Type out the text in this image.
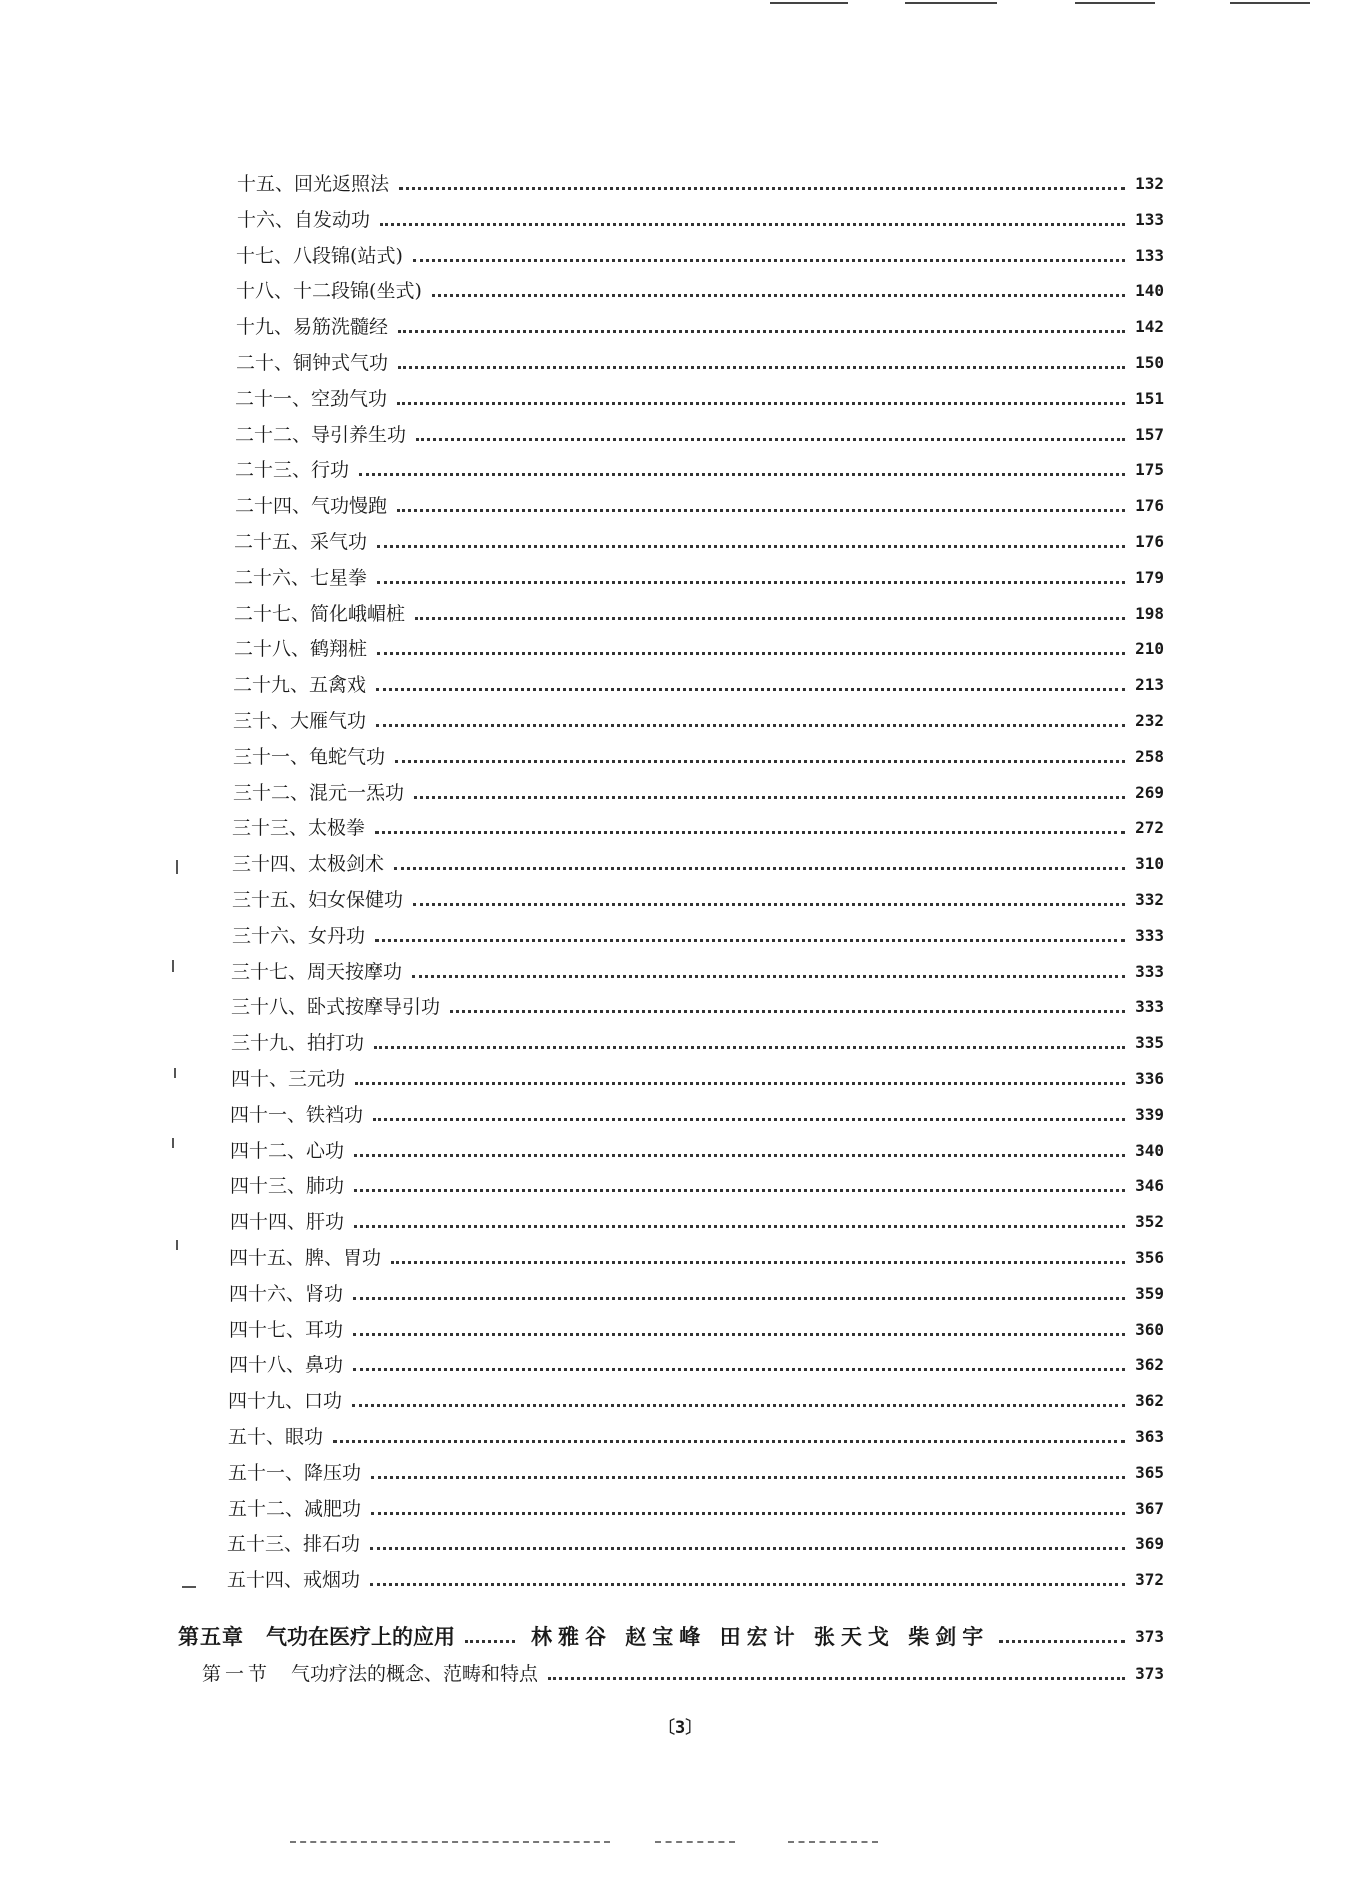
十五 、 回光返照法	132
十六 、 自发动功	133
十七 、 八段锦(站式)	133
十八 、 十二段锦(坐式)	140
十九 、 易筋洗髓经	142
二十 、 铜钟式气功	150
二十一 、 空劲气功	151
二十二 、 导引养生功	157
二十三 、 行功	175
二十四 、 气功慢跑	176
二十五 、 采气功	176
二十六 、 七星拳	179
二十七 、 简化峨嵋桩	198
二十八 、 鹤翔桩	210
二十九 、 五禽戏	213
三十 、 大雁气功	232
三十一 、 龟蛇气功	258
三十二 、 混元一炁功	269
三十三 、 太极拳	272
三十四 、 太极剑术	310
三十五 、 妇女保健功	332
三十六 、 女丹功	333
三十七 、 周天按摩功	333
三十八 、 卧式按摩导引功	333
三十九 、 拍打功	335
四十 、 三元功	336
四十一 、 铁裆功	339
四十二 、 心功	340
四十三 、 肺功	346
四十四 、 肝功	352
四十五 、 脾、胃功	356
四十六 、 肾功	359
四十七 、 耳功	360
四十八 、 鼻功	362
四十九 、 口功	362
五十 、 眼功	363
五十一 、 降压功	365
五十二 、 减肥功	367
五十三 、 排石功	369
五十四 、 戒烟功	372
第五章 气功在医疗上的应用	林雅谷 赵宝峰 田宏计 张天戈 柴剑宇	373
第一节 气功疗法的概念、范畴和特点	373
〔3〕
